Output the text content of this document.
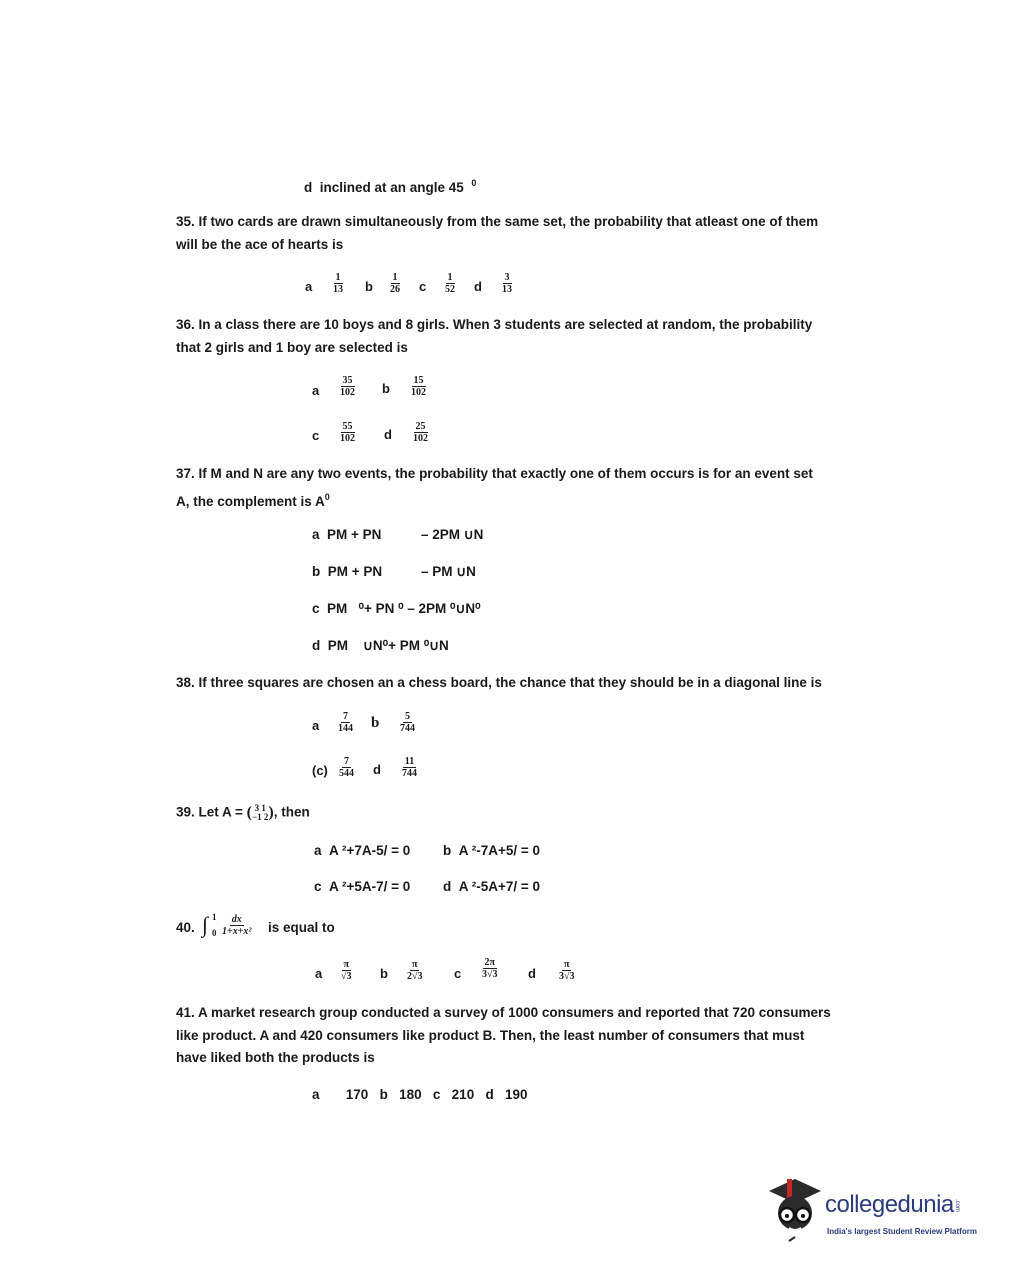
d inclined at an angle 45 $^0$

35. If two cards are drawn simultaneously from the same set, the probability that atleast one of them

will be the ace of hearts is

a $\frac{1}{13}$ b $\frac{1}{26}$ c $\frac{1}{52}$ d $\frac{3}{13}$

36. In a class there are 10 boys and 8 girls. When 3 students are selected at random, the probability

that 2 girls and 1 boy are selected is

a $\frac{35}{102}$ b $\frac{15}{102}$
c $\frac{55}{102}$ d $\frac{25}{102}$

37. If M and N are any two events, the probability that exactly one of them occurs is for an event set

A, the complement is $A^0$

a PM + PN	– 2PM ∪N
b PM + PN	– PM ∪N
c PM ⁰+ PN ⁰ – 2PM ⁰∪N⁰
d PM ∪N⁰+ PM ⁰∪N

38. If three squares are chosen an a chess board, the chance that they should be in a diagonal line is

a $\frac{7}{144}$ b $\frac{5}{744}$
$(c) \frac{7}{544}$ d $\frac{11}{744}$
39. Let A = ( 3 1
−1 2 ), then
a A ²+7A-5/ = 0 b A ²-7A+5/ = 0
c A ²+5A-7/ = 0 d A ²-5A+7/ = 0
40. ∫ 1
$0 \frac{dx}{\text{1+x+x²}}$ is equal to
a $\frac{\pi}{√3}$ b $\frac{\pi}{2√3}$ c $\frac{2\pi}{3√3}$ d $\frac{\pi}{3√3}$

41. A market research group conducted a survey of 1000 consumers and reported that 720 consumers

like product. A and 420 consumers like product B. Then, the least number of consumers that must

have liked both the products is

a 170 b 180 c 210 d 190
collegedunia.com
India's largest Student Review Platform
